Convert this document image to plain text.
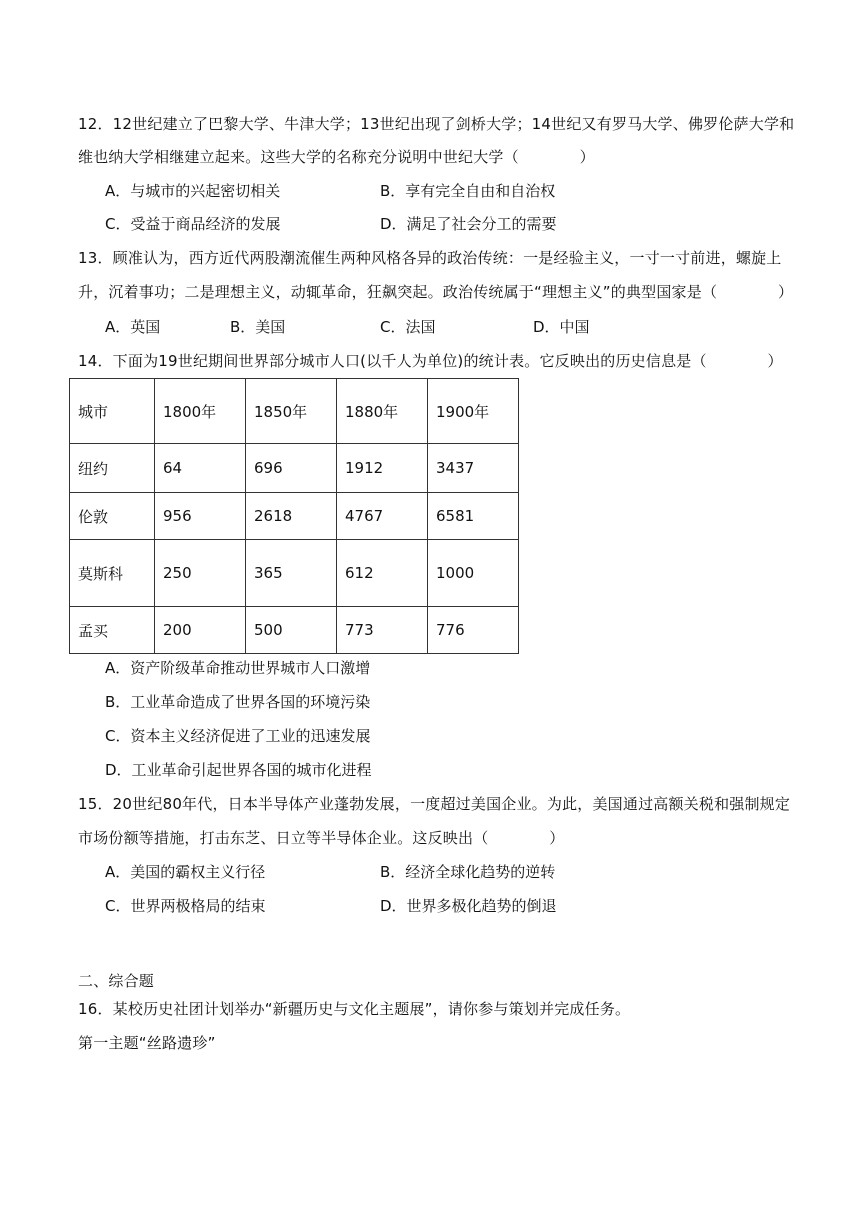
12．12世纪建立了巴黎大学、牛津大学；13世纪出现了剑桥大学；14世纪又有罗马大学、佛罗伦萨大学和
维也纳大学相继建立起来。这些大学的名称充分说明中世纪大学（　　　　）
A．与城市的兴起密切相关	B．享有完全自由和自治权
C．受益于商品经济的发展	D．满足了社会分工的需要
13．顾准认为，西方近代两股潮流催生两种风格各异的政治传统：一是经验主义，一寸一寸前进，螺旋上
升，沉着事功；二是理想主义，动辄革命，狂飙突起。政治传统属于“理想主义”的典型国家是（　　　　）
A．英国	B．美国	C．法国	D．中国
14．下面为19世纪期间世界部分城市人口(以千人为单位)的统计表。它反映出的历史信息是（　　　　）
城市	1800年	1850年	1880年	1900年
纽约	64	696	1912	3437
伦敦	956	2618	4767	6581
莫斯科	250	365	612	1000
孟买	200	500	773	776
A．资产阶级革命推动世界城市人口激增
B．工业革命造成了世界各国的环境污染
C．资本主义经济促进了工业的迅速发展
D．工业革命引起世界各国的城市化进程
15．20世纪80年代，日本半导体产业蓬勃发展，一度超过美国企业。为此，美国通过高额关税和强制规定
市场份额等措施，打击东芝、日立等半导体企业。这反映出（　　　　）
A．美国的霸权主义行径	B．经济全球化趋势的逆转
C．世界两极格局的结束	D．世界多极化趋势的倒退
二、综合题
16．某校历史社团计划举办“新疆历史与文化主题展”，请你参与策划并完成任务。
第一主题“丝路遗珍”
